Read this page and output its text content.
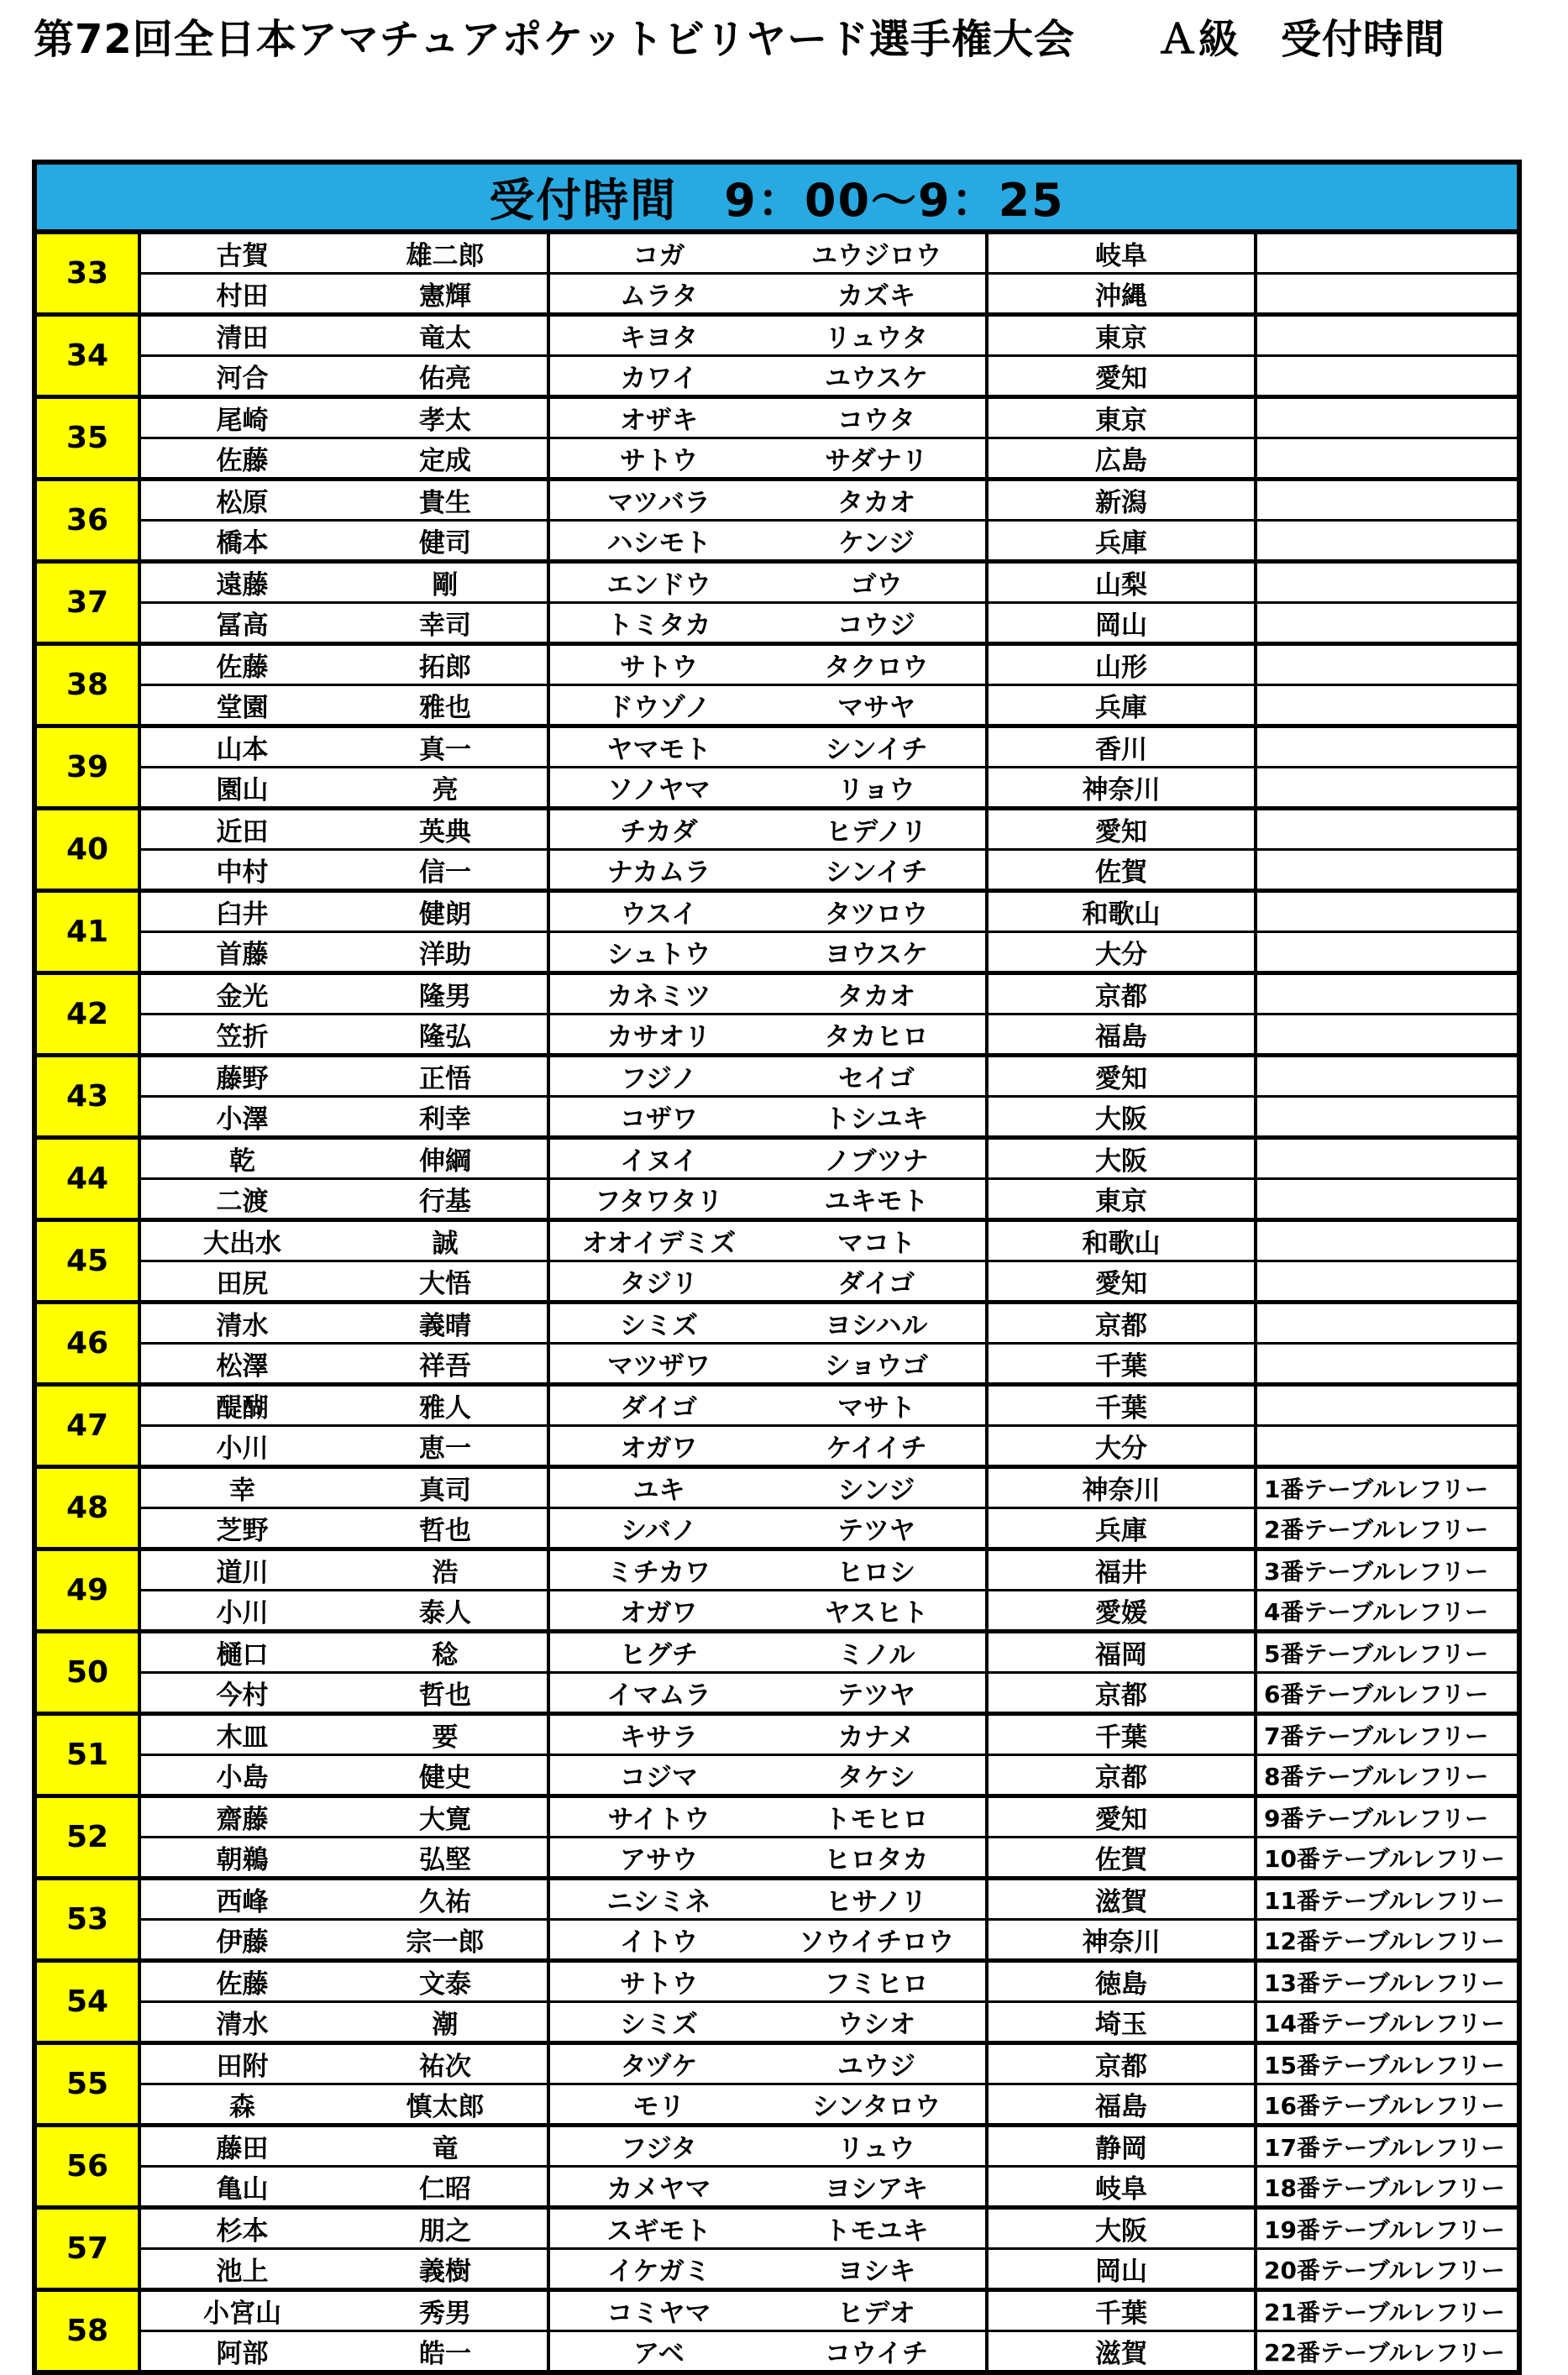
第72回全日本アマチュアポケットビリヤード選手権大会　　Ａ級　受付時間
受付時間　9：00～9：25						
33	古賀	雄二郎	コガ	ユウジロウ	岐阜	
	村田	憲輝	ムラタ	カズキ	沖縄	
34	清田	竜太	キヨタ	リュウタ	東京	
	河合	佑亮	カワイ	ユウスケ	愛知	
35	尾崎	孝太	オザキ	コウタ	東京	
	佐藤	定成	サトウ	サダナリ	広島	
36	松原	貴生	マツバラ	タカオ	新潟	
	橋本	健司	ハシモト	ケンジ	兵庫	
37	遠藤	剛	エンドウ	ゴウ	山梨	
	冨高	幸司	トミタカ	コウジ	岡山	
38	佐藤	拓郎	サトウ	タクロウ	山形	
	堂園	雅也	ドウゾノ	マサヤ	兵庫	
39	山本	真一	ヤマモト	シンイチ	香川	
	園山	亮	ソノヤマ	リョウ	神奈川	
40	近田	英典	チカダ	ヒデノリ	愛知	
	中村	信一	ナカムラ	シンイチ	佐賀	
41	臼井	健朗	ウスイ	タツロウ	和歌山	
	首藤	洋助	シュトウ	ヨウスケ	大分	
42	金光	隆男	カネミツ	タカオ	京都	
	笠折	隆弘	カサオリ	タカヒロ	福島	
43	藤野	正悟	フジノ	セイゴ	愛知	
	小澤	利幸	コザワ	トシユキ	大阪	
44	乾	伸綱	イヌイ	ノブツナ	大阪	
	二渡	行基	フタワタリ	ユキモト	東京	
45	大出水	誠	オオイデミズ	マコト	和歌山	
	田尻	大悟	タジリ	ダイゴ	愛知	
46	清水	義晴	シミズ	ヨシハル	京都	
	松澤	祥吾	マツザワ	ショウゴ	千葉	
47	醍醐	雅人	ダイゴ	マサト	千葉	
	小川	恵一	オガワ	ケイイチ	大分	
48	幸	真司	ユキ	シンジ	神奈川	1番テーブルレフリー
	芝野	哲也	シバノ	テツヤ	兵庫	2番テーブルレフリー
49	道川	浩	ミチカワ	ヒロシ	福井	3番テーブルレフリー
	小川	泰人	オガワ	ヤスヒト	愛媛	4番テーブルレフリー
50	樋口	稔	ヒグチ	ミノル	福岡	5番テーブルレフリー
	今村	哲也	イマムラ	テツヤ	京都	6番テーブルレフリー
51	木皿	要	キサラ	カナメ	千葉	7番テーブルレフリー
	小島	健史	コジマ	タケシ	京都	8番テーブルレフリー
52	齋藤	大寛	サイトウ	トモヒロ	愛知	9番テーブルレフリー
	朝鵜	弘堅	アサウ	ヒロタカ	佐賀	10番テーブルレフリー
53	西峰	久祐	ニシミネ	ヒサノリ	滋賀	11番テーブルレフリー
	伊藤	宗一郎	イトウ	ソウイチロウ	神奈川	12番テーブルレフリー
54	佐藤	文泰	サトウ	フミヒロ	徳島	13番テーブルレフリー
	清水	潮	シミズ	ウシオ	埼玉	14番テーブルレフリー
55	田附	祐次	タヅケ	ユウジ	京都	15番テーブルレフリー
	森	慎太郎	モリ	シンタロウ	福島	16番テーブルレフリー
56	藤田	竜	フジタ	リュウ	静岡	17番テーブルレフリー
	亀山	仁昭	カメヤマ	ヨシアキ	岐阜	18番テーブルレフリー
57	杉本	朋之	スギモト	トモユキ	大阪	19番テーブルレフリー
	池上	義樹	イケガミ	ヨシキ	岡山	20番テーブルレフリー
58	小宮山	秀男	コミヤマ	ヒデオ	千葉	21番テーブルレフリー
	阿部	皓一	アベ	コウイチ	滋賀	22番テーブルレフリー
